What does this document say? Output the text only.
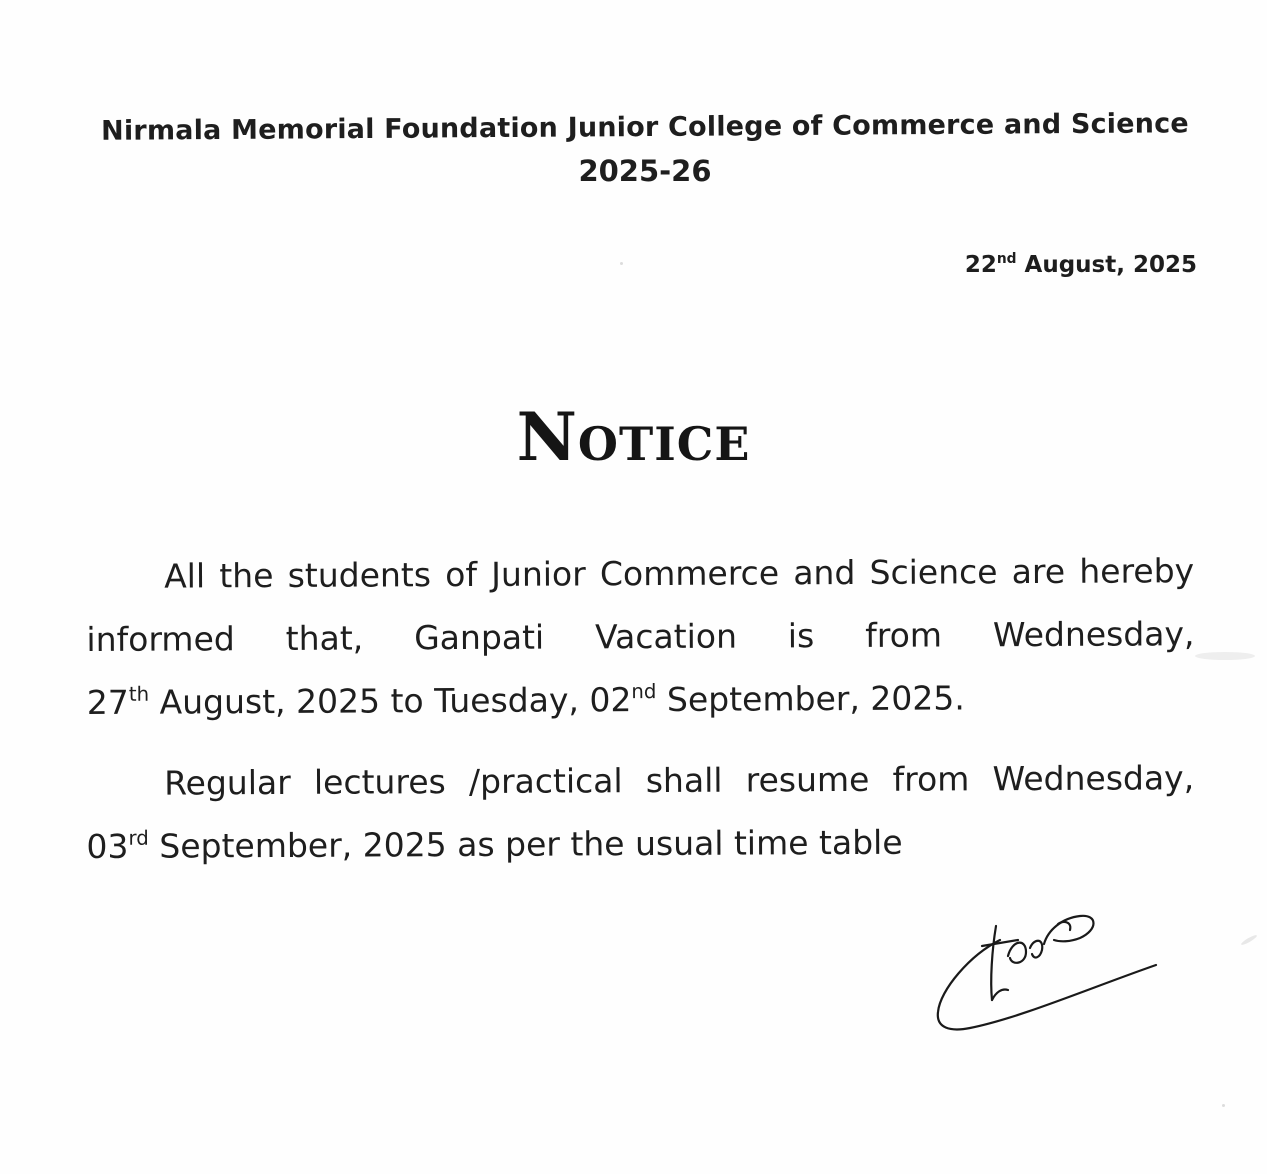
Nirmala Memorial Foundation Junior College of Commerce and Science
2025-26
22nd August, 2025
Notice

All the students of Junior Commerce and Science are hereby informed that, Ganpati Vacation is from Wednesday, 27th August, 2025 to Tuesday, 02nd September, 2025.

Regular lectures /practical shall resume from Wednesday, 03rd September, 2025 as per the usual time table
